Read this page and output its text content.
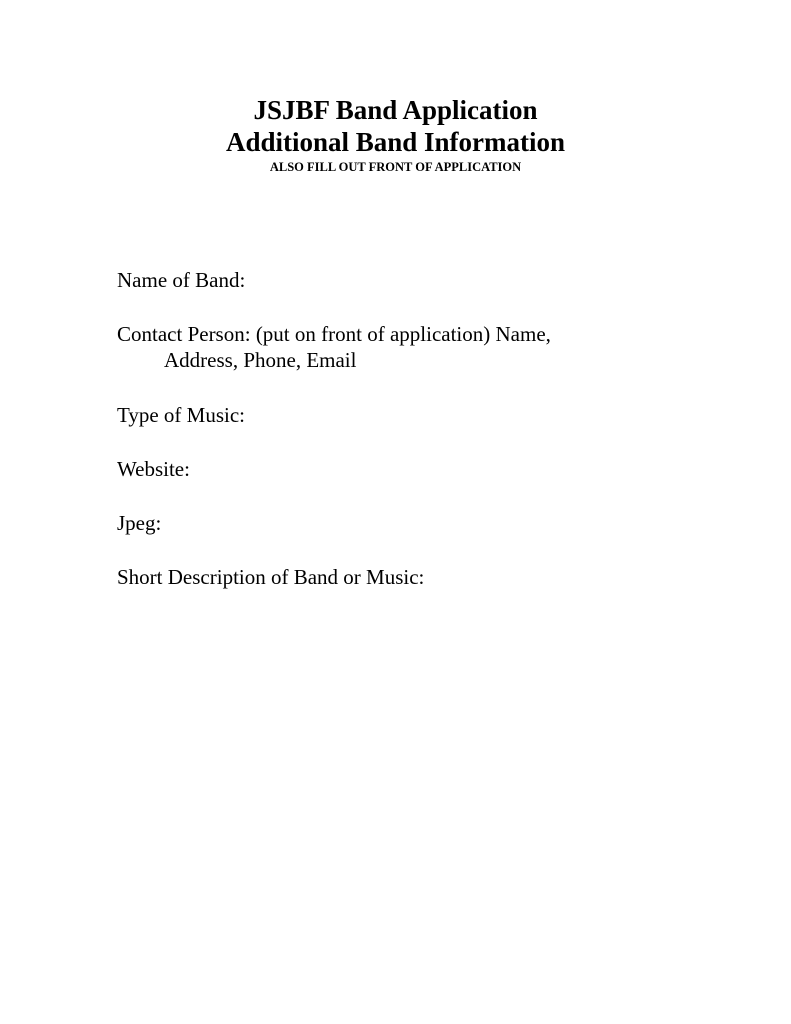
JSJBF Band Application
Additional Band Information
ALSO FILL OUT FRONT OF APPLICATION
Name of Band:
Contact Person: (put on front of application) Name,
Address, Phone, Email
Type of Music:
Website:
Jpeg:
Short Description of Band or Music:
